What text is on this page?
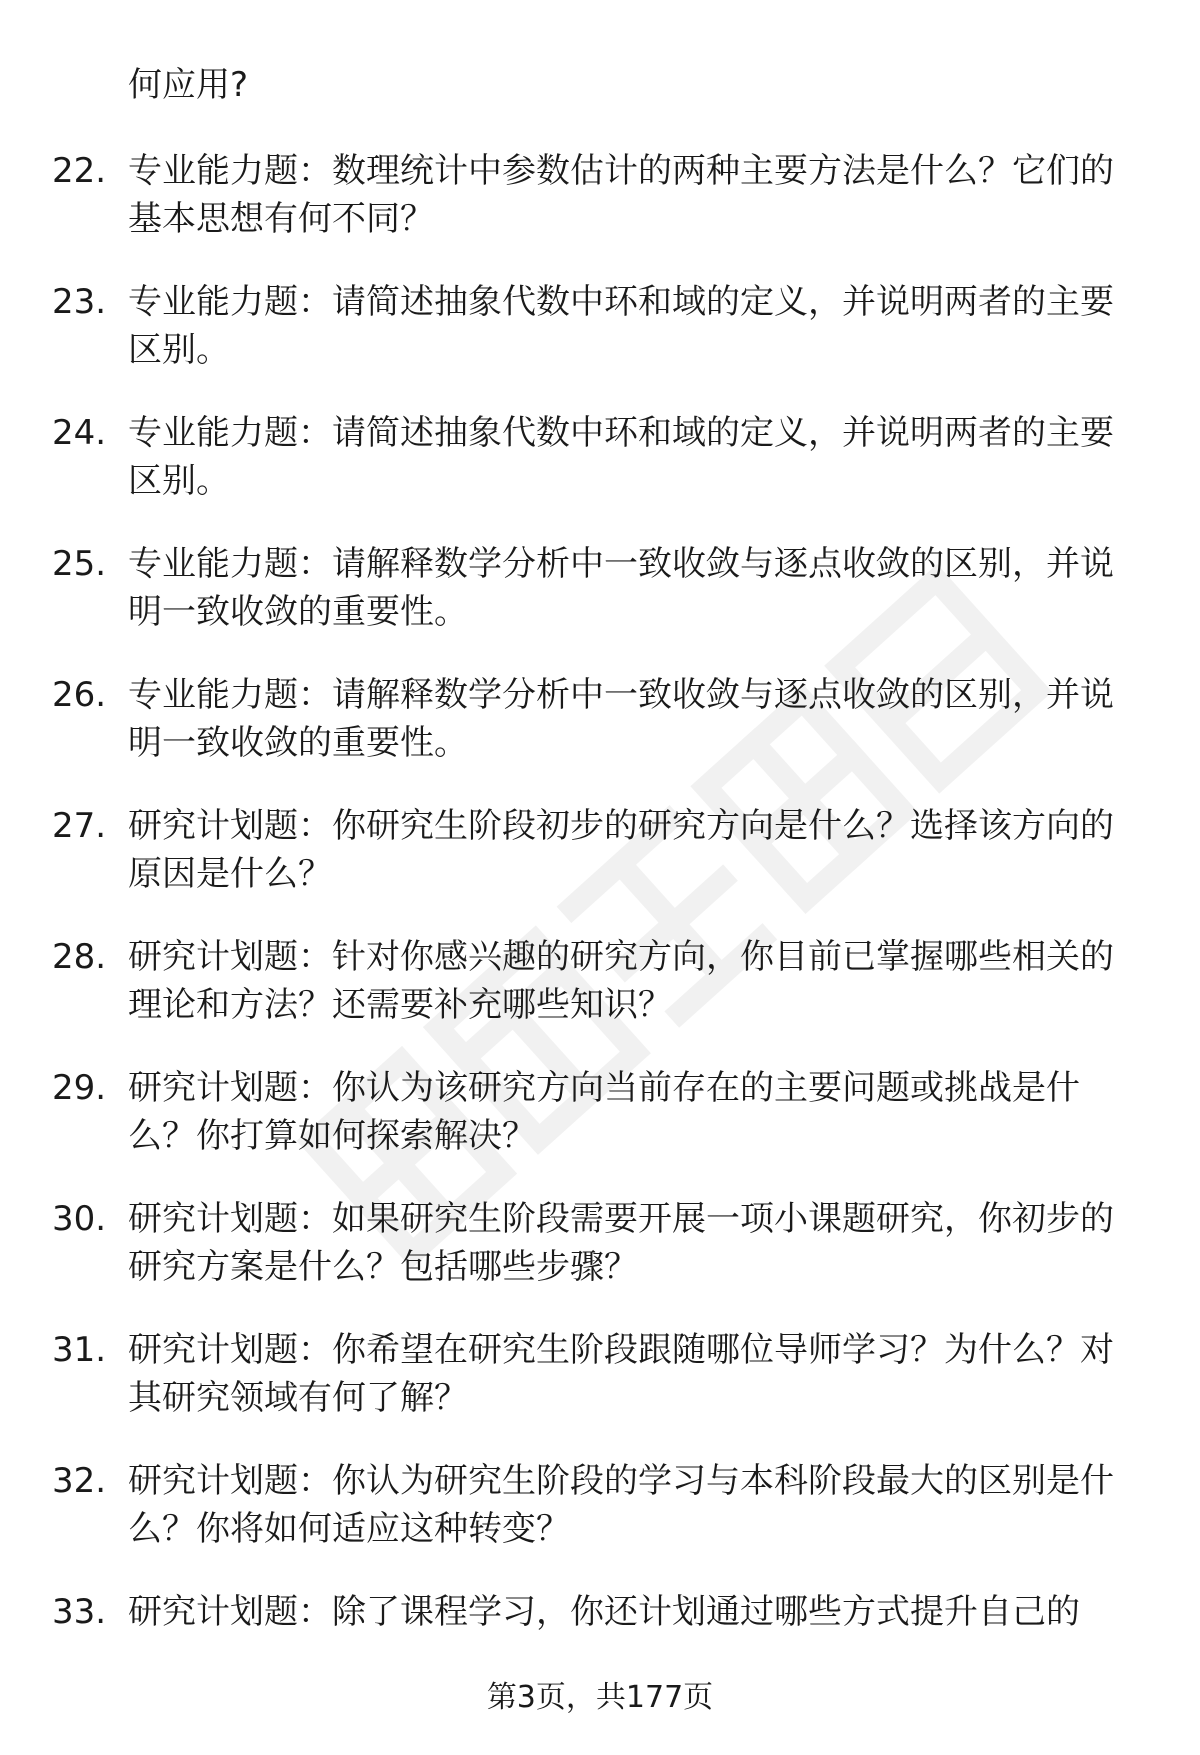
何应用?

22. 专业能力题：数理统计中参数估计的两种主要方法是什么？它们的基本思想有何不同？
23. 专业能力题：请简述抽象代数中环和域的定义，并说明两者的主要区别。
24. 专业能力题：请简述抽象代数中环和域的定义，并说明两者的主要区别。
25. 专业能力题：请解释数学分析中一致收敛与逐点收敛的区别，并说明一致收敛的重要性。
26. 专业能力题：请解释数学分析中一致收敛与逐点收敛的区别，并说明一致收敛的重要性。
27. 研究计划题：你研究生阶段初步的研究方向是什么？选择该方向的原因是什么？
28. 研究计划题：针对你感兴趣的研究方向，你目前已掌握哪些相关的理论和方法？还需要补充哪些知识？
29. 研究计划题：你认为该研究方向当前存在的主要问题或挑战是什么？你打算如何探索解决？
30. 研究计划题：如果研究生阶段需要开展一项小课题研究，你初步的研究方案是什么？包括哪些步骤？
31. 研究计划题：你希望在研究生阶段跟随哪位导师学习？为什么？对其研究领域有何了解？
32. 研究计划题：你认为研究生阶段的学习与本科阶段最大的区别是什么？你将如何适应这种转变？
33. 研究计划题：除了课程学习，你还计划通过哪些方式提升自己的
第3页，共177页
